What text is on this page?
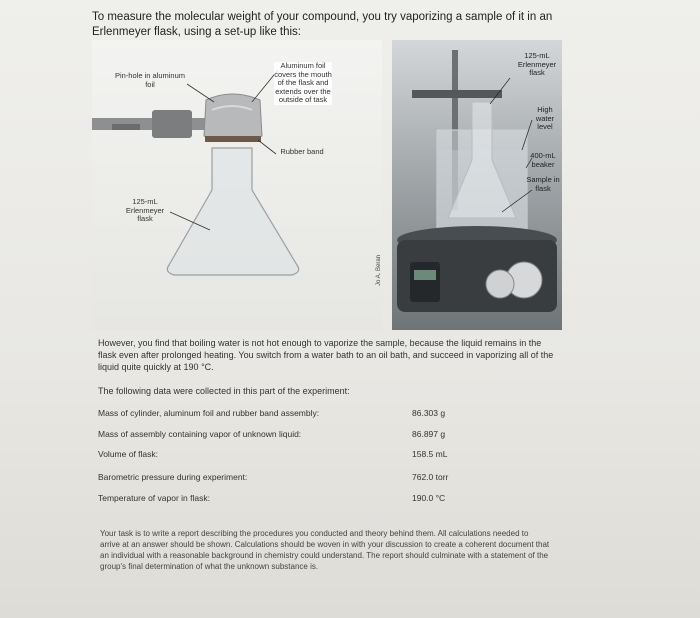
To measure the molecular weight of your compound, you try vaporizing a sample of it in an Erlenmeyer flask, using a set-up like this:
Pin-hole in aluminum foil
Aluminum foil covers the mouth of the flask and extends over the outside of task
Rubber band
125-mL Erlenmeyer flask
125-mL Erlenmeyer flask
High water level
400-mL beaker
Sample in flask
Jo A. Beran
However, you find that boiling water is not hot enough to vaporize the sample, because the liquid remains in the flask even after prolonged heating. You switch from a water bath to an oil bath, and succeed in vaporizing all of the liquid quite quickly at 190 °C.
The following data were collected in this part of the experiment:
Mass of cylinder, aluminum foil and rubber band assembly:	86.303 g
Mass of assembly containing vapor of unknown liquid:	86.897 g
Volume of flask:	158.5 mL
Barometric pressure during experiment:	762.0 torr
Temperature of vapor in flask:	190.0 °C
Your task is to write a report describing the procedures you conducted and theory behind them. All calculations needed to arrive at an answer should be shown. Calculations should be woven in with your discussion to create a coherent document that an individual with a reasonable background in chemistry could understand. The report should culminate with a statement of the group's final determination of what the unknown substance is.
